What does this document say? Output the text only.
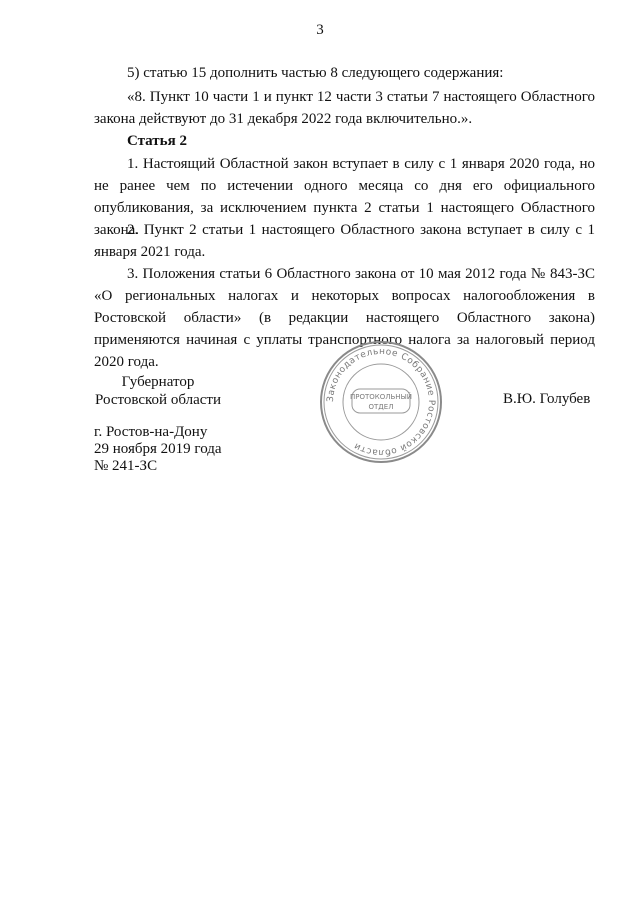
3

5) статью 15 дополнить частью 8 следующего содержания:

«8. Пункт 10 части 1 и пункт 12 части 3 статьи 7 настоящего Областного закона действуют до 31 декабря 2022 года включительно.».

Статья 2

1. Настоящий Областной закон вступает в силу с 1 января 2020 года, но не ранее чем по истечении одного месяца со дня его официального опубликования, за исключением пункта 2 статьи 1 настоящего Областного закона.

2. Пункт 2 статьи 1 настоящего Областного закона вступает в силу с 1 января 2021 года.

3. Положения статьи 6 Областного закона от 10 мая 2012 года № 843-ЗС «О региональных налогах и некоторых вопросах налогообложения в Ростовской области» (в редакции настоящего Областного закона) применяются начиная с уплаты транспортного налога за налоговый период 2020 года.

Губернатор
Ростовской области	В.Ю. Голубев
г. Ростов-на-Дону
29 ноября 2019 года
№ 241-ЗС
Законодательное Собрание Ростовской области
ПРОТОКОЛЬНЫЙ
ОТДЕЛ
